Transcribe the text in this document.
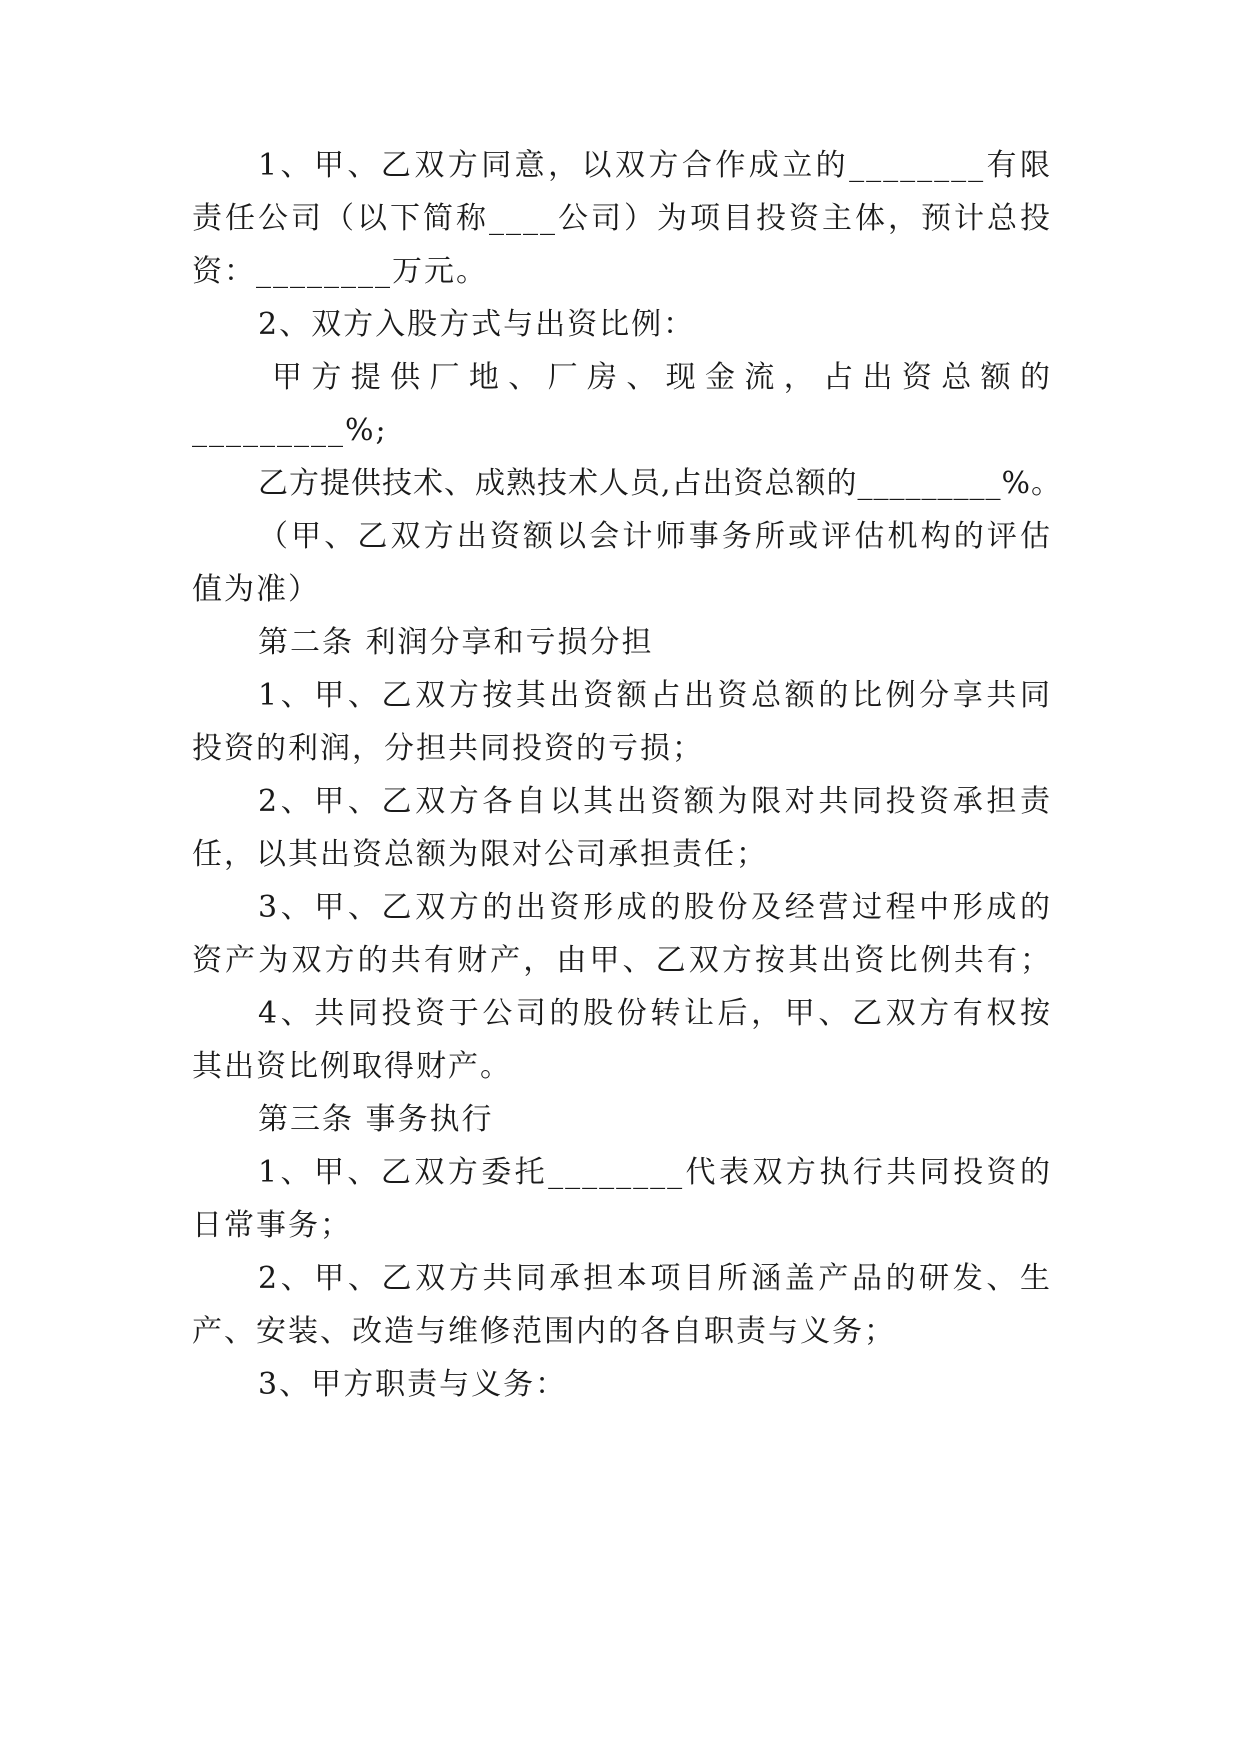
1、甲、乙双方同意，以双方合作成立的________有限
责任公司（以下简称____公司）为项目投资主体，预计总投
资：________万元。
2、双方入股方式与出资比例：
甲方提供厂地、厂房、现金流，占出资总额的
_________%;
乙方提供技术、成熟技术人员,占出资总额的_________%。
（甲、乙双方出资额以会计师事务所或评估机构的评估
值为准）
第二条 利润分享和亏损分担
1、甲、乙双方按其出资额占出资总额的比例分享共同
投资的利润，分担共同投资的亏损；
2、甲、乙双方各自以其出资额为限对共同投资承担责
任，以其出资总额为限对公司承担责任；
3、甲、乙双方的出资形成的股份及经营过程中形成的
资产为双方的共有财产，由甲、乙双方按其出资比例共有；
4、共同投资于公司的股份转让后，甲、乙双方有权按
其出资比例取得财产。
第三条 事务执行
1、甲、乙双方委托________代表双方执行共同投资的
日常事务；
2、甲、乙双方共同承担本项目所涵盖产品的研发、生
产、安装、改造与维修范围内的各自职责与义务；
3、甲方职责与义务：
